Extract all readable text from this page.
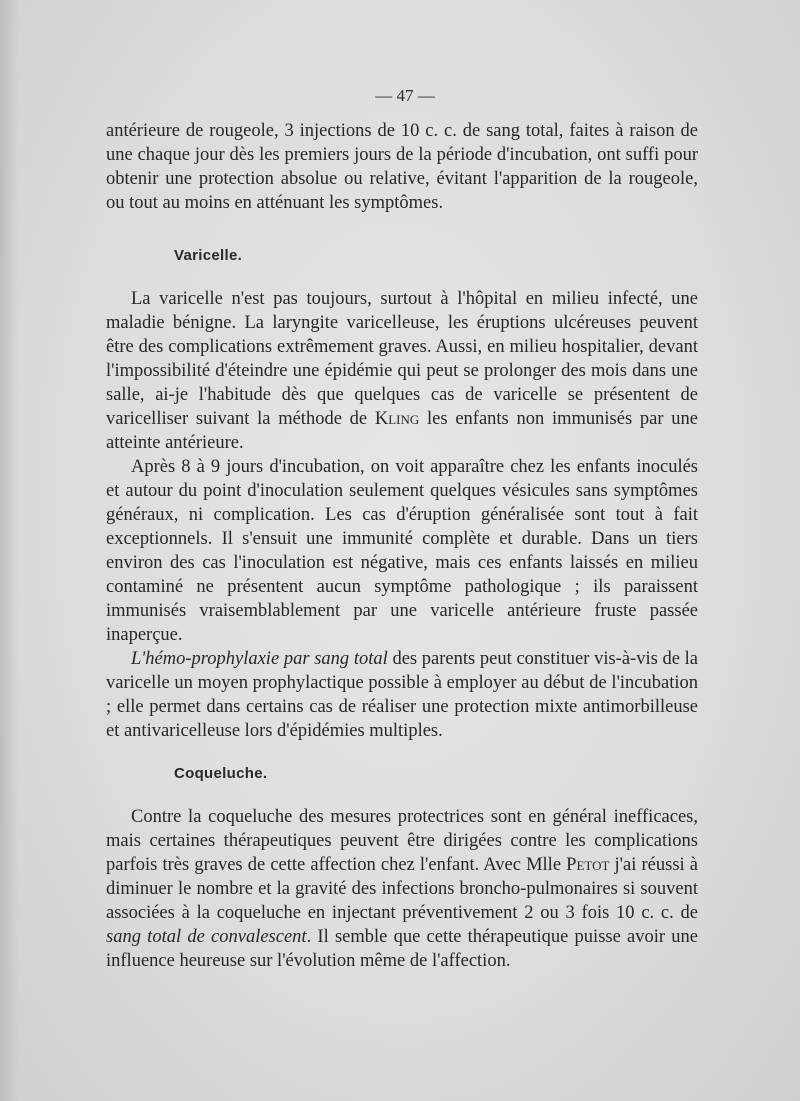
— 47 —

antérieure de rougeole, 3 injections de 10 c. c. de sang total, faites à raison de une chaque jour dès les premiers jours de la période d'incubation, ont suffi pour obtenir une protection absolue ou relative, évitant l'apparition de la rougeole, ou tout au moins en atténuant les symptômes.

Varicelle.

La varicelle n'est pas toujours, surtout à l'hôpital en milieu infecté, une maladie bénigne. La laryngite varicelleuse, les éruptions ulcéreuses peuvent être des complications extrêmement graves. Aussi, en milieu hospitalier, devant l'impossibilité d'éteindre une épidémie qui peut se prolonger des mois dans une salle, ai-je l'habitude dès que quelques cas de varicelle se présentent de varicelliser suivant la méthode de Kling les enfants non immunisés par une atteinte antérieure.

Après 8 à 9 jours d'incubation, on voit apparaître chez les enfants inoculés et autour du point d'inoculation seulement quelques vésicules sans symptômes généraux, ni complication. Les cas d'éruption généralisée sont tout à fait exceptionnels. Il s'ensuit une immunité complète et durable. Dans un tiers environ des cas l'inoculation est négative, mais ces enfants laissés en milieu contaminé ne présentent aucun symptôme pathologique ; ils paraissent immunisés vraisemblablement par une varicelle antérieure fruste passée inaperçue.

L'hémo-prophylaxie par sang total des parents peut constituer vis-à-vis de la varicelle un moyen prophylactique possible à employer au début de l'incubation ; elle permet dans certains cas de réaliser une protection mixte antimorbilleuse et antivaricelleuse lors d'épidémies multiples.

Coqueluche.

Contre la coqueluche des mesures protectrices sont en général inefficaces, mais certaines thérapeutiques peuvent être dirigées contre les complications parfois très graves de cette affection chez l'enfant. Avec Mlle Petot j'ai réussi à diminuer le nombre et la gravité des infections broncho-pulmonaires si souvent associées à la coqueluche en injectant préventivement 2 ou 3 fois 10 c. c. de sang total de convalescent. Il semble que cette thérapeutique puisse avoir une influence heureuse sur l'évolution même de l'affection.
